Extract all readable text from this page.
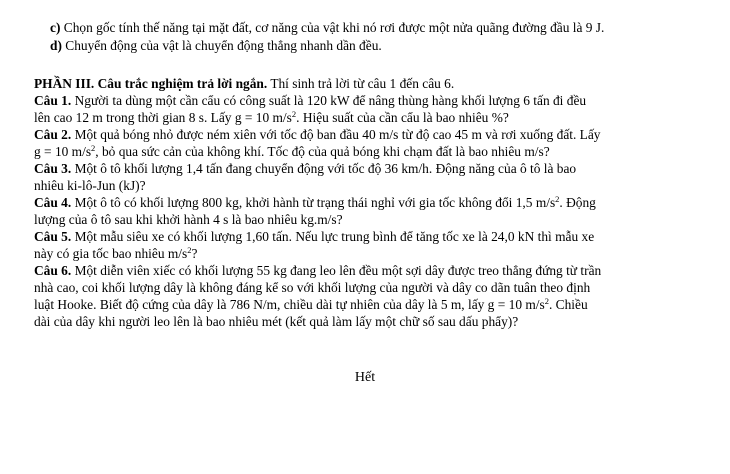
c) Chọn gốc tính thế năng tại mặt đất, cơ năng của vật khi nó rơi được một nửa quãng đường đầu là 9 J.
d) Chuyển động của vật là chuyển động thẳng nhanh dần đều.
PHẦN III. Câu trắc nghiệm trả lời ngắn. Thí sinh trả lời từ câu 1 đến câu 6.
Câu 1. Người ta dùng một cần cẩu có công suất là 120 kW để nâng thùng hàng khối lượng 6 tấn đi đều
lên cao 12 m trong thời gian 8 s. Lấy g = 10 $m/s^2$. Hiệu suất của cần cẩu là bao nhiêu %?
Câu 2. Một quả bóng nhỏ được ném xiên với tốc độ ban đầu 40 m/s từ độ cao 45 m và rơi xuống đất. Lấy
g = 10 $m/s^2$, bỏ qua sức cản của không khí. Tốc độ của quả bóng khi chạm đất là bao nhiêu m/s?
Câu 3. Một ô tô khối lượng 1,4 tấn đang chuyển động với tốc độ 36 km/h. Động năng của ô tô là bao
nhiêu ki-lô-Jun (kJ)?
Câu 4. Một ô tô có khối lượng 800 kg, khởi hành từ trạng thái nghỉ với gia tốc không đổi 1,5 $m/s^2$. Động
lượng của ô tô sau khi khởi hành 4 s là bao nhiêu kg.m/s?
Câu 5. Một mẫu siêu xe có khối lượng 1,60 tấn. Nếu lực trung bình để tăng tốc xe là 24,0 kN thì mẫu xe
này có gia tốc bao nhiêu $m/s^2$?
Câu 6. Một diễn viên xiếc có khối lượng 55 kg đang leo lên đều một sợi dây được treo thẳng đứng từ trần
nhà cao, coi khối lượng dây là không đáng kể so với khối lượng của người và dây co dãn tuân theo định
luật Hooke. Biết độ cứng của dây là 786 N/m, chiều dài tự nhiên của dây là 5 m, lấy g = 10 $m/s^2$. Chiều
dài của dây khi người leo lên là bao nhiêu mét (kết quả làm lấy một chữ số sau dấu phẩy)?
Hết
